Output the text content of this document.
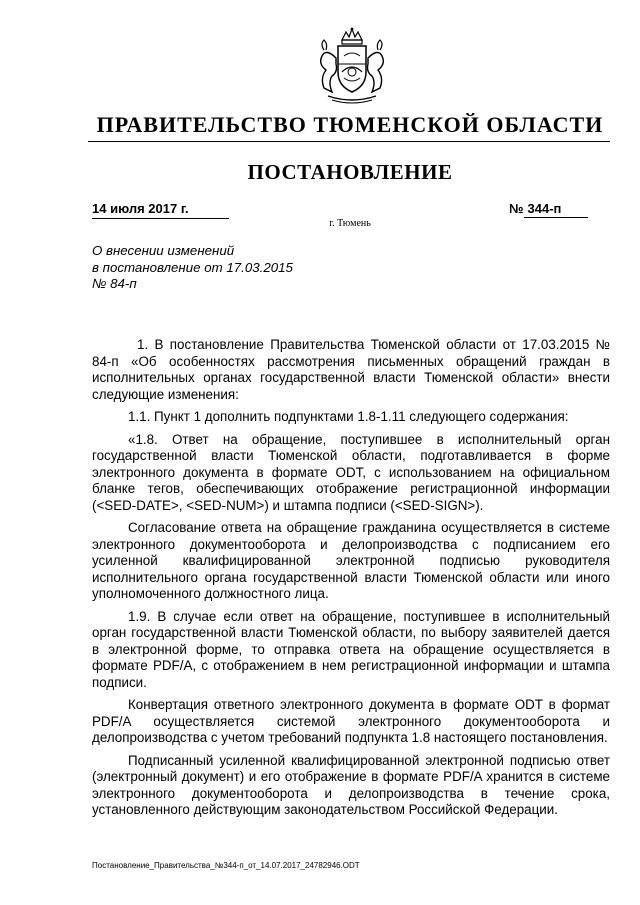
ПРАВИТЕЛЬСТВО ТЮМЕНСКОЙ ОБЛАСТИ
ПОСТАНОВЛЕНИЕ
14 июля 2017 г.	№ 344-п
г. Тюмень
О внесении изменений
в постановление от 17.03.2015
№ 84-п

1. В постановление Правительства Тюменской области от 17.03.2015 № 84-п «Об особенностях рассмотрения письменных обращений граждан в исполнительных органах государственной власти Тюменской области» внести следующие изменения:

1.1. Пункт 1 дополнить подпунктами 1.8-1.11 следующего содержания:

«1.8. Ответ на обращение, поступившее в исполнительный орган государственной власти Тюменской области, подготавливается в форме электронного документа в формате ODT, с использованием на официальном бланке тегов, обеспечивающих отображение регистрационной информации (<SED-DATE>, <SED-NUM>) и штампа подписи (<SED-SIGN>).

Согласование ответа на обращение гражданина осуществляется в системе электронного документооборота и делопроизводства с подписанием его усиленной квалифицированной электронной подписью руководителя исполнительного органа государственной власти Тюменской области или иного уполномоченного должностного лица.

1.9. В случае если ответ на обращение, поступившее в исполнительный орган государственной власти Тюменской области, по выбору заявителей дается в электронной форме, то отправка ответа на обращение осуществляется в формате PDF/A, с отображением в нем регистрационной информации и штампа подписи.

Конвертация ответного электронного документа в формате ODT в формат PDF/A осуществляется системой электронного документооборота и делопроизводства с учетом требований подпункта 1.8 настоящего постановления.

Подписанный усиленной квалифицированной электронной подписью ответ (электронный документ) и его отображение в формате PDF/A хранится в системе электронного документооборота и делопроизводства в течение срока, установленного действующим законодательством Российской Федерации.

Постановление_Правительства_№344-п_от_14.07.2017_24782946.ODT
